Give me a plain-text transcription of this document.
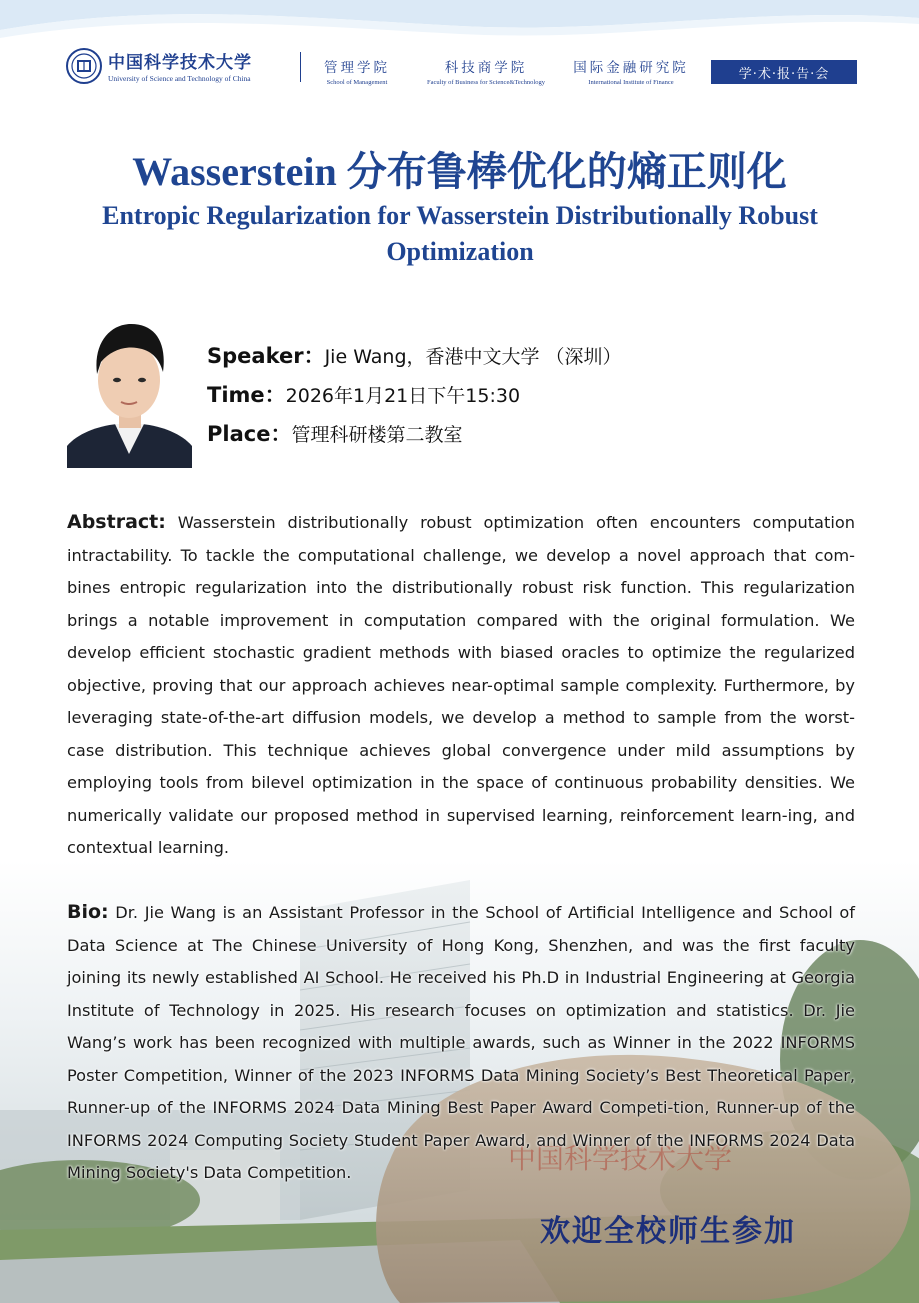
中国科学技术大学
中国科学技术大学
University of Science and Technology of China
管理学院
School of Management
科技商学院
Faculty of Business for Science&Technology
国际金融研究院
International Institute of Finance
学·术·报·告·会
Wasserstein 分布鲁棒优化的熵正则化
Entropic Regularization for Wasserstein Distributionally Robust Optimization
Speaker：Jie Wang，香港中文大学 （深圳）
Time：2026年1月21日下午15:30
Place：管理科研楼第二教室
Abstract: Wasserstein distributionally robust optimization often encounters computation intractability. To tackle the computational challenge, we develop a novel approach that com-bines entropic regularization into the distributionally robust risk function. This regularization brings a notable improvement in computation compared with the original formulation. We develop efficient stochastic gradient methods with biased oracles to optimize the regularized objective, proving that our approach achieves near-optimal sample complexity. Furthermore, by leveraging state-of-the-art diffusion models, we develop a method to sample from the worst-case distribution. This technique achieves global convergence under mild assumptions by employing tools from bilevel optimization in the space of continuous probability densities. We numerically validate our proposed method in supervised learning, reinforcement learn-ing, and contextual learning.
Bio: Dr. Jie Wang is an Assistant Professor in the School of Artificial Intelligence and School of Data Science at The Chinese University of Hong Kong, Shenzhen, and was the first faculty joining its newly established AI School. He received his Ph.D in Industrial Engineering at Georgia Institute of Technology in 2025. His research focuses on optimization and statistics. Dr. Jie Wang’s work has been recognized with multiple awards, such as Winner in the 2022 INFORMS Poster Competition, Winner of the 2023 INFORMS Data Mining Society’s Best Theoretical Paper, Runner-up of the INFORMS 2024 Data Mining Best Paper Award Competi-tion, Runner-up of the INFORMS 2024 Computing Society Student Paper Award, and Winner of the INFORMS 2024 Data Mining Society's Data Competition.
欢迎全校师生参加
